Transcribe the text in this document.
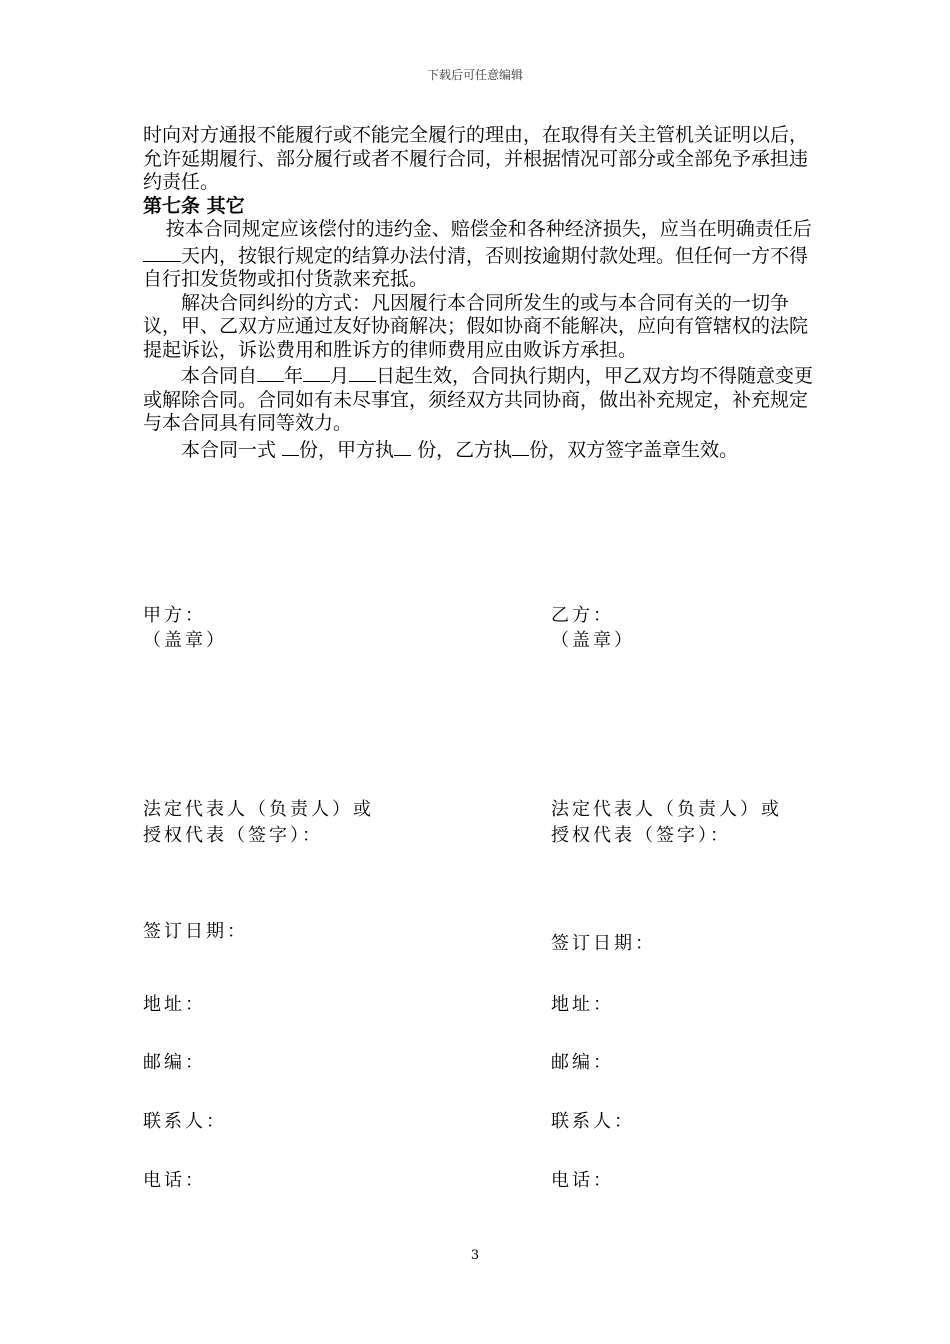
下载后可任意编辑

时向对方通报不能履行或不能完全履行的理由，在取得有关主管机关证明以后，允许延期履行、部分履行或者不履行合同，并根据情况可部分或全部免予承担违约责任。

第七条 其它

按本合同规定应该偿付的违约金、赔偿金和各种经济损失，应当在明确责任后天内，按银行规定的结算办法付清，否则按逾期付款处理。但任何一方不得自行扣发货物或扣付货款来充抵。

解决合同纠纷的方式：凡因履行本合同所发生的或与本合同有关的一切争议，甲、乙双方应通过友好协商解决；假如协商不能解决，应向有管辖权的法院提起诉讼，诉讼费用和胜诉方的律师费用应由败诉方承担。

本合同自 年 月 日起生效，合同执行期内，甲乙双方均不得随意变更或解除合同。合同如有未尽事宜，须经双方共同协商，做出补充规定，补充规定与本合同具有同等效力。

本合同一式 份，甲方执 份，乙方执 份，双方签字盖章生效。

甲方：
（盖章）
法定代表人（负责人）或
授权代表（签字）：
签订日期：
地址：
邮编：
联系人：
电话：
乙方：
（盖章）
法定代表人（负责人）或
授权代表（签字）：
签订日期：
地址：
邮编：
联系人：
电话：
3
